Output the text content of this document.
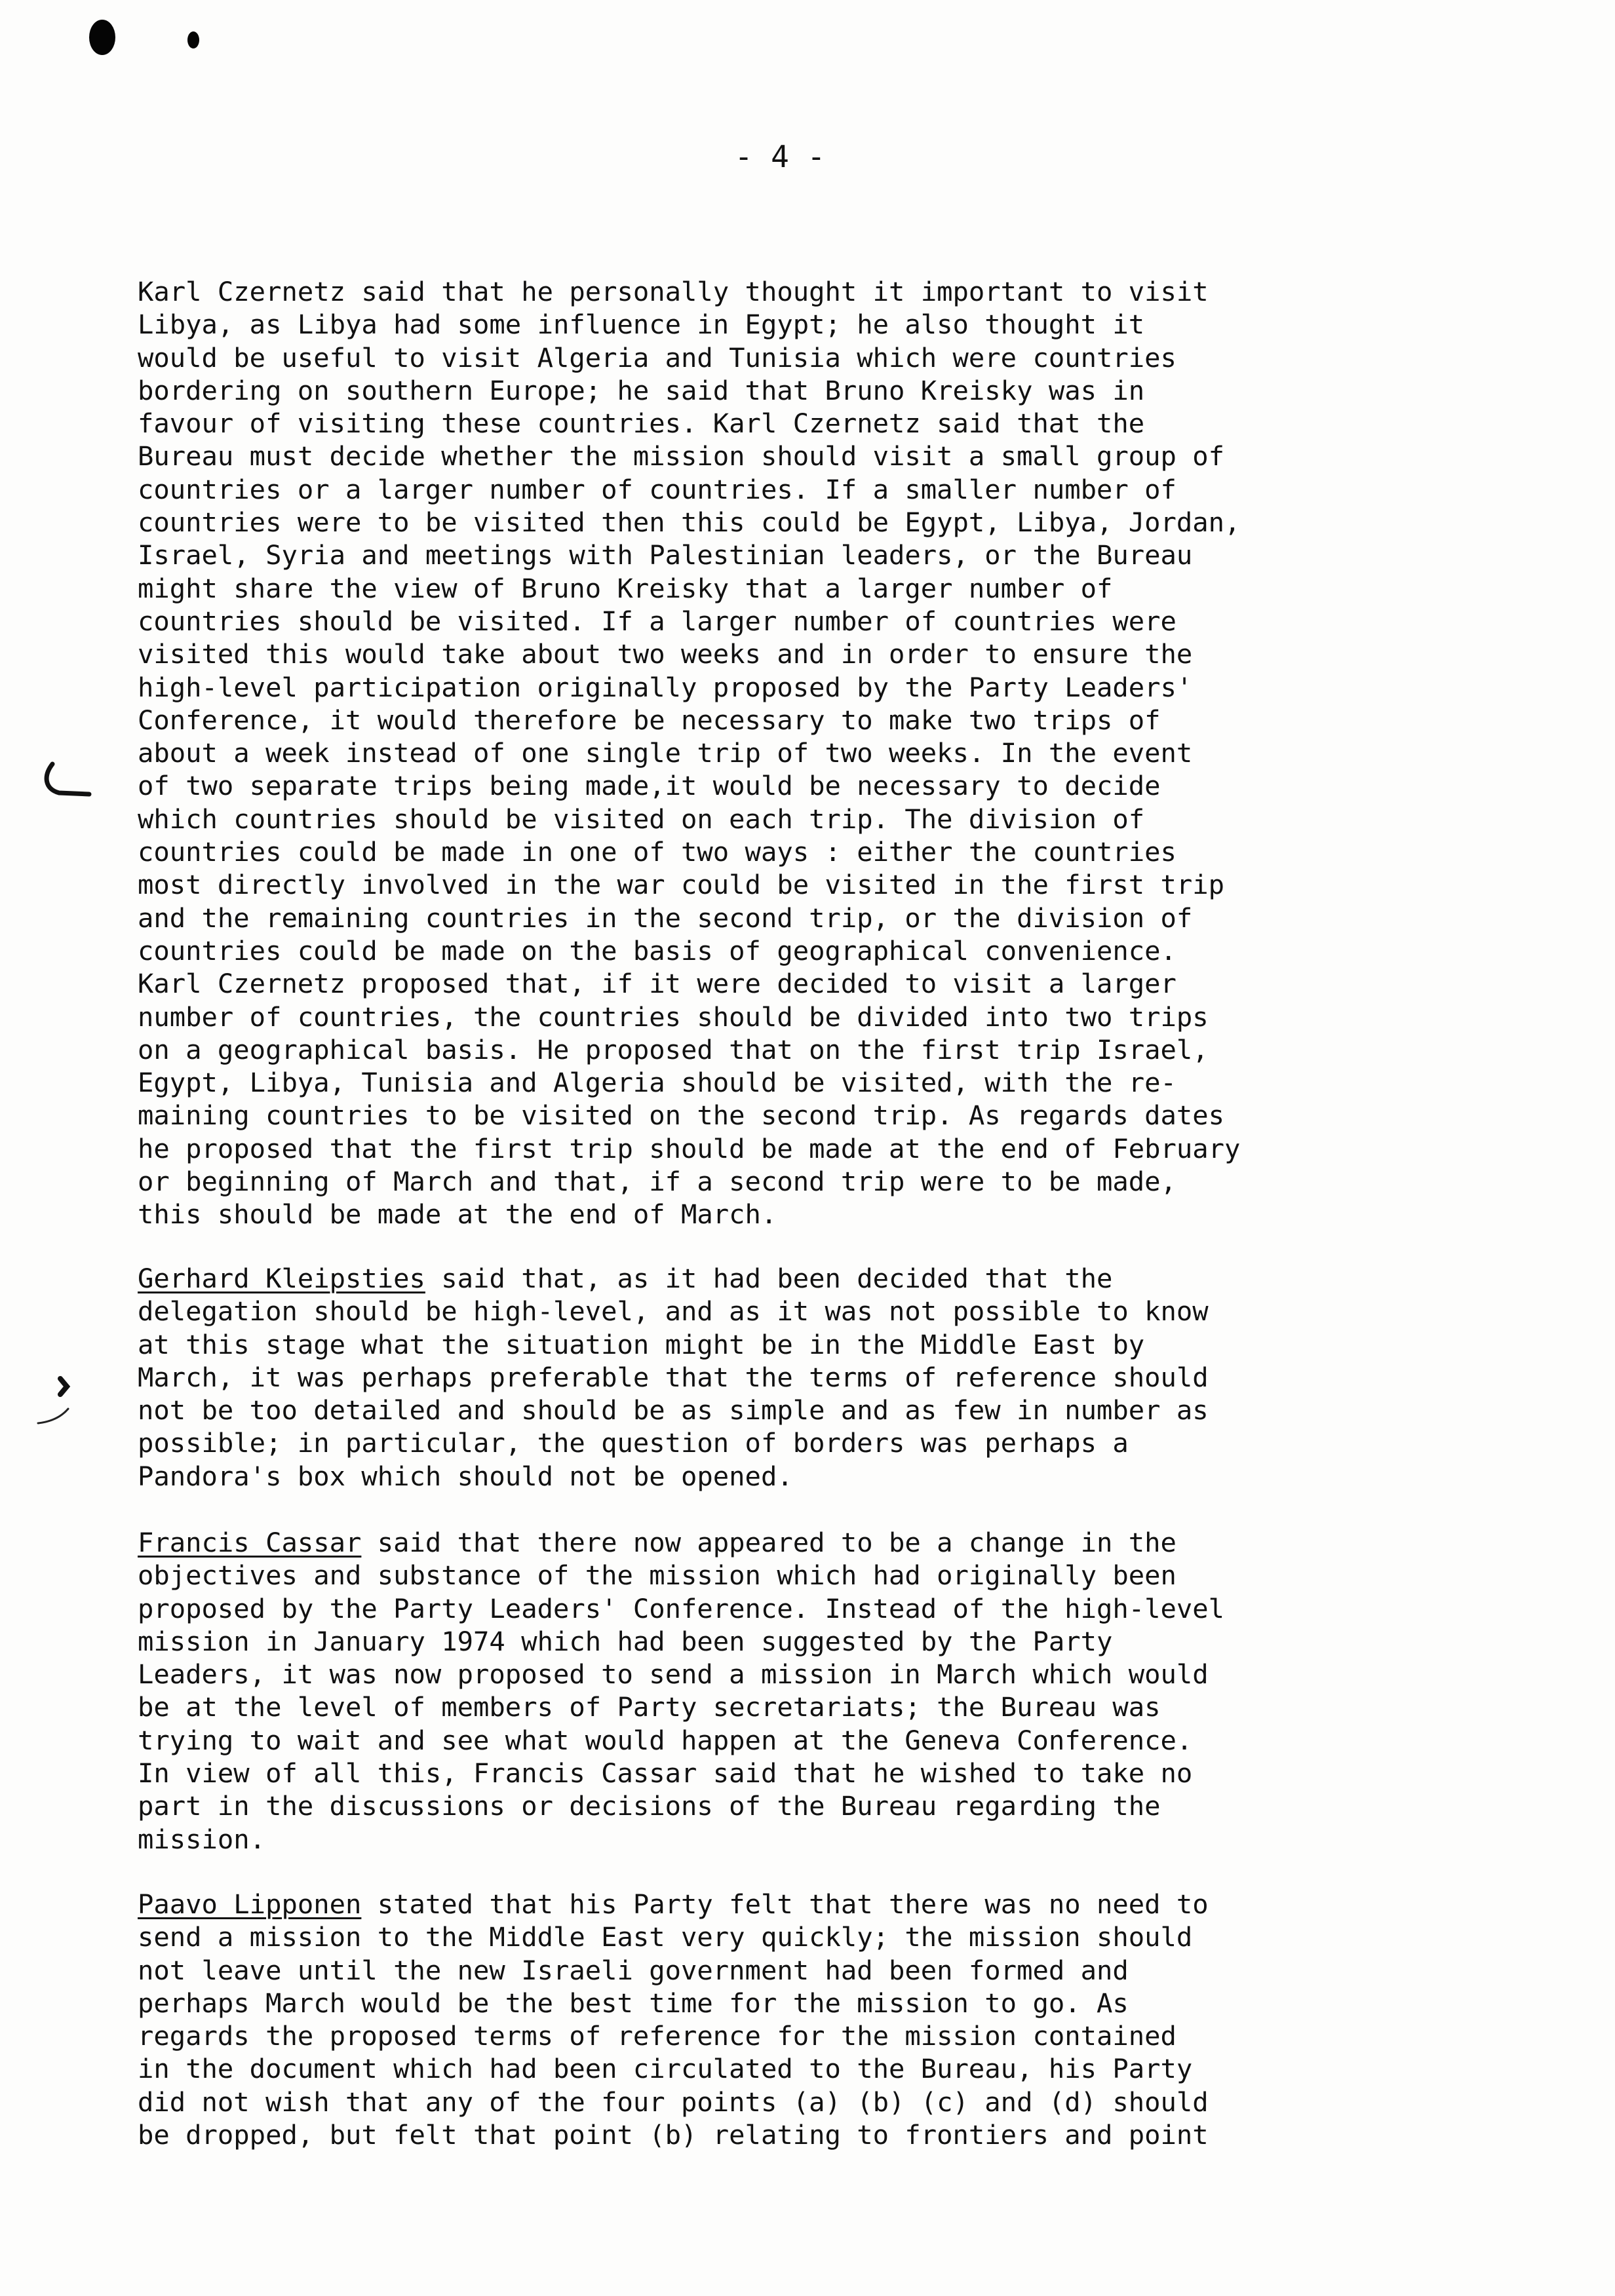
- 4 -

Karl Czernetz said that he personally thought it important to visit
Libya, as Libya had some influence in Egypt; he also thought it
would be useful to visit Algeria and Tunisia which were countries
bordering on southern Europe; he said that Bruno Kreisky was in
favour of visiting these countries. Karl Czernetz said that the
Bureau must decide whether the mission should visit a small group of
countries or a larger number of countries. If a smaller number of
countries were to be visited then this could be Egypt, Libya, Jordan,
Israel, Syria and meetings with Palestinian leaders, or the Bureau
might share the view of Bruno Kreisky that a larger number of
countries should be visited. If a larger number of countries were
visited this would take about two weeks and in order to ensure the
high-level participation originally proposed by the Party Leaders'
Conference, it would therefore be necessary to make two trips of
about a week instead of one single trip of two weeks. In the event
of two separate trips being made,it would be necessary to decide
which countries should be visited on each trip. The division of
countries could be made in one of two ways : either the countries
most directly involved in the war could be visited in the first trip
and the remaining countries in the second trip, or the division of
countries could be made on the basis of geographical convenience.
Karl Czernetz proposed that, if it were decided to visit a larger
number of countries, the countries should be divided into two trips
on a geographical basis. He proposed that on the first trip Israel,
Egypt, Libya, Tunisia and Algeria should be visited, with the re-
maining countries to be visited on the second trip. As regards dates
he proposed that the first trip should be made at the end of February
or beginning of March and that, if a second trip were to be made,
this should be made at the end of March.
Gerhard Kleipsties said that, as it had been decided that the
delegation should be high-level, and as it was not possible to know
at this stage what the situation might be in the Middle East by
March, it was perhaps preferable that the terms of reference should
not be too detailed and should be as simple and as few in number as
possible; in particular, the question of borders was perhaps a
Pandora's box which should not be opened.
Francis Cassar said that there now appeared to be a change in the
objectives and substance of the mission which had originally been
proposed by the Party Leaders' Conference. Instead of the high-level
mission in January 1974 which had been suggested by the Party
Leaders, it was now proposed to send a mission in March which would
be at the level of members of Party secretariats; the Bureau was
trying to wait and see what would happen at the Geneva Conference.
In view of all this, Francis Cassar said that he wished to take no
part in the discussions or decisions of the Bureau regarding the
mission.
Paavo Lipponen stated that his Party felt that there was no need to
send a mission to the Middle East very quickly; the mission should
not leave until the new Israeli government had been formed and
perhaps March would be the best time for the mission to go. As
regards the proposed terms of reference for the mission contained
in the document which had been circulated to the Bureau, his Party
did not wish that any of the four points (a) (b) (c) and (d) should
be dropped, but felt that point (b) relating to frontiers and point
